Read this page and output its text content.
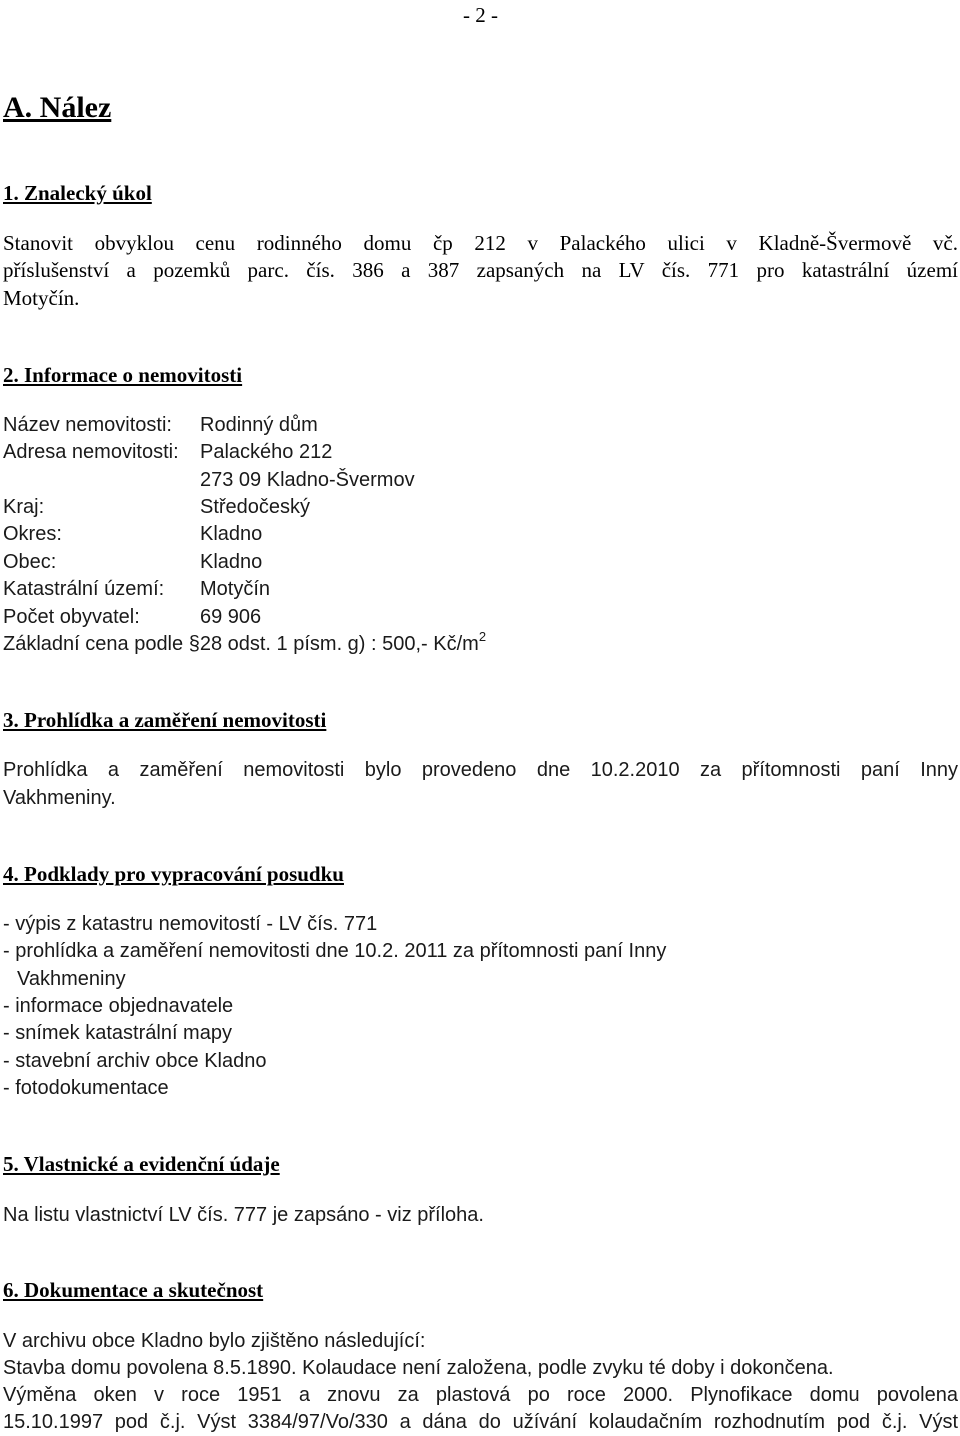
- 2 -
A. Nález
1. Znalecký úkol
Stanovit obvyklou cenu rodinného domu čp 212 v Palackého ulici v Kladně-Švermově vč.
příslušenství a pozemků parc. čís. 386 a 387 zapsaných na LV čís. 771 pro katastrální území
Motyčín.
2. Informace o nemovitosti
Název nemovitosti: Rodinný dům
Adresa nemovitosti: Palackého 212
273 09 Kladno-Švermov
Kraj:	Středočeský
Okres:	Kladno
Obec:	Kladno
Katastrální území: Motyčín
Počet obyvatel:	69 906
Základní cena podle §28 odst. 1 písm. g) : 500,- $Kč/m^2$
3. Prohlídka a zaměření nemovitosti
Prohlídka a zaměření nemovitosti bylo provedeno dne 10.2.2010 za přítomnosti paní Inny
Vakhmeniny.
4. Podklady pro vypracování posudku
- výpis z katastru nemovitostí - LV čís. 771
- prohlídka a zaměření nemovitosti dne 10.2. 2011 za přítomnosti paní Inny
Vakhmeniny
- informace objednavatele
- snímek katastrální mapy
- stavební archiv obce Kladno
- fotodokumentace
5. Vlastnické a evidenční údaje
Na listu vlastnictví LV čís. 777 je zapsáno - viz příloha.
6. Dokumentace a skutečnost
V archivu obce Kladno bylo zjištěno následující:
Stavba domu povolena 8.5.1890. Kolaudace není založena, podle zvyku té doby i dokončena.
Výměna oken v roce 1951 a znovu za plastová po roce 2000. Plynofikace domu povolena
15.10.1997 pod č.j. Výst 3384/97/Vo/330 a dána do užívání kolaudačním rozhodnutím pod č.j. Výst
